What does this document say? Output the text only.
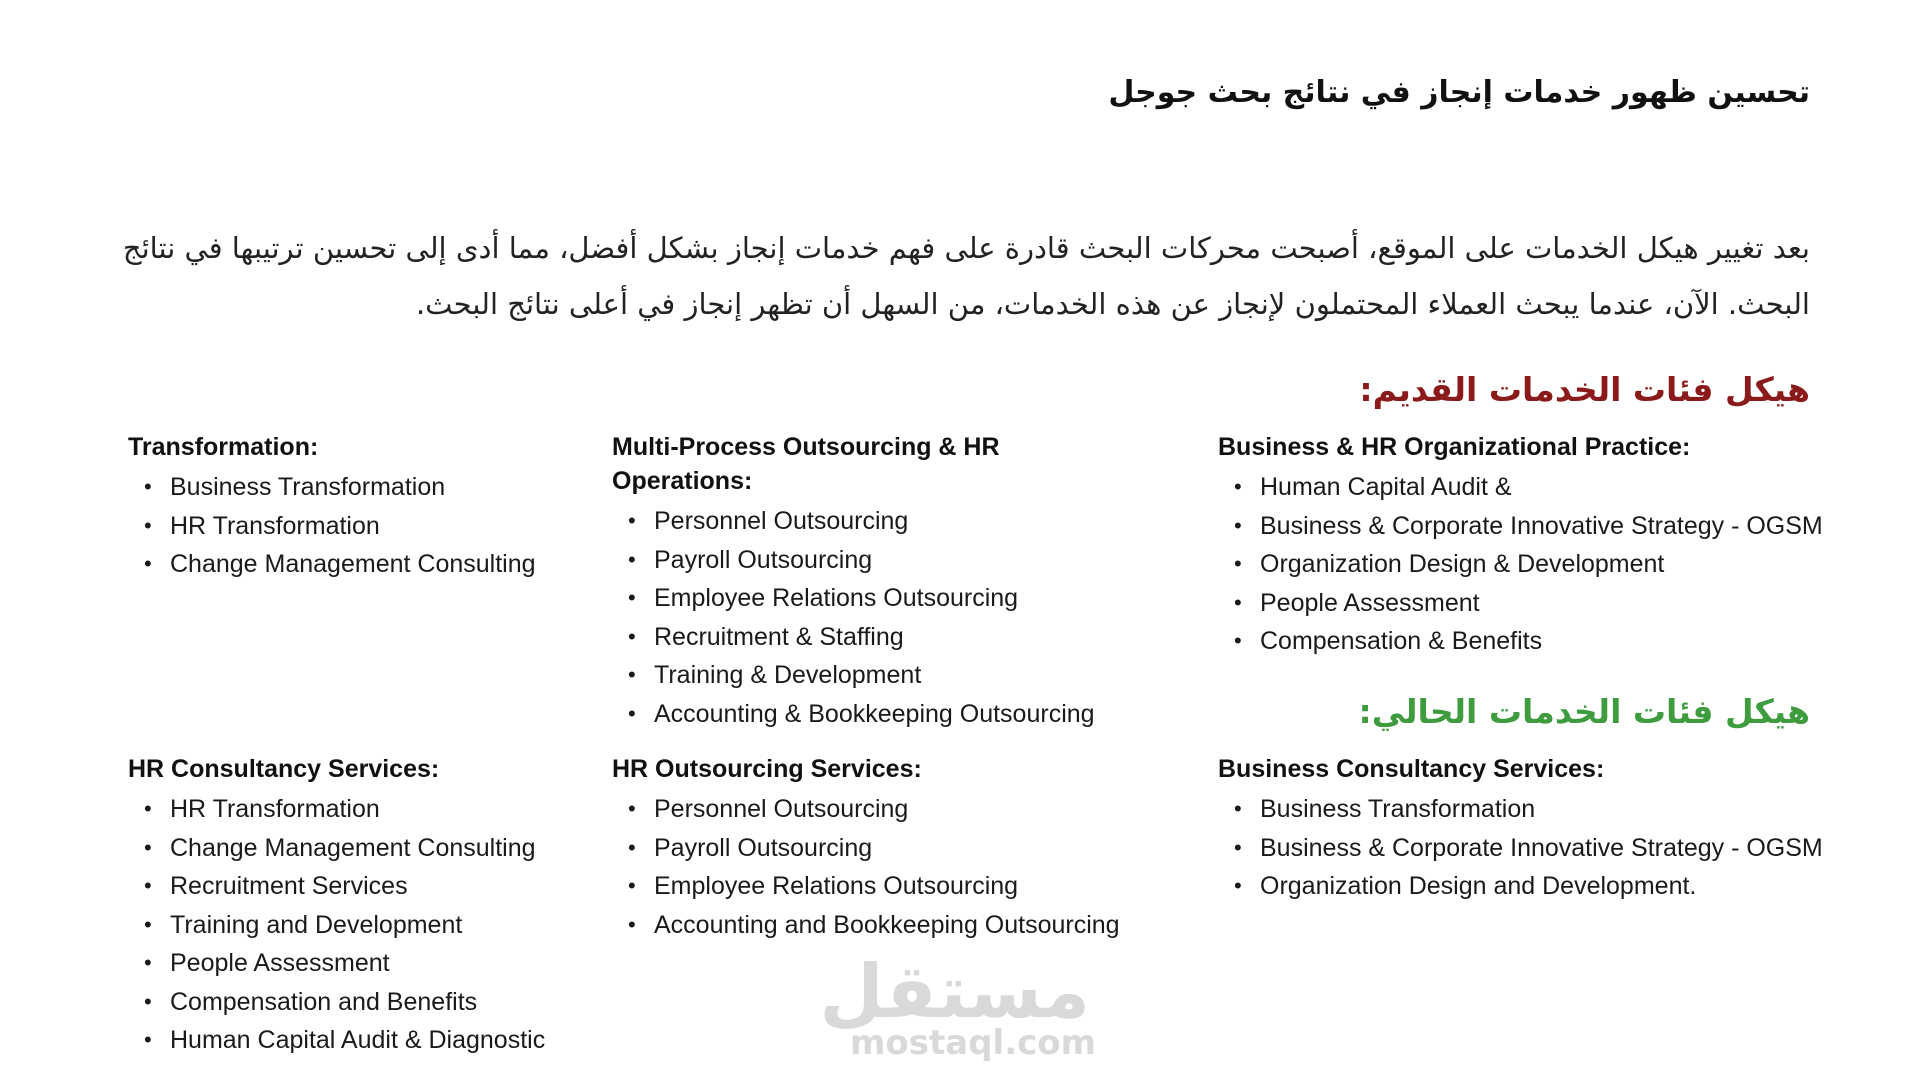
تحسين ظهور خدمات إنجاز في نتائج بحث جوجل

بعد تغيير هيكل الخدمات على الموقع، أصبحت محركات البحث قادرة على فهم خدمات إنجاز بشكل أفضل، مما أدى إلى تحسين ترتيبها في نتائج البحث. الآن، عندما يبحث العملاء المحتملون لإنجاز عن هذه الخدمات، من السهل أن تظهر إنجاز في أعلى نتائج البحث.

هيكل فئات الخدمات القديم:
Transformation:
• Business Transformation
• HR Transformation
• Change Management Consulting
Multi-Process Outsourcing & HR Operations:
• Personnel Outsourcing
• Payroll Outsourcing
• Employee Relations Outsourcing
• Recruitment & Staffing
• Training & Development
• Accounting & Bookkeeping Outsourcing
Business & HR Organizational Practice:
• Human Capital Audit &
• Business & Corporate Innovative Strategy - OGSM
• Organization Design & Development
• People Assessment
• Compensation & Benefits
هيكل فئات الخدمات الحالي:
HR Consultancy Services:
• HR Transformation
• Change Management Consulting
• Recruitment Services
• Training and Development
• People Assessment
• Compensation and Benefits
• Human Capital Audit & Diagnostic
HR Outsourcing Services:
• Personnel Outsourcing
• Payroll Outsourcing
• Employee Relations Outsourcing
• Accounting and Bookkeeping Outsourcing
Business Consultancy Services:
• Business Transformation
• Business & Corporate Innovative Strategy - OGSM
• Organization Design and Development.
مستقل
mostaql.com
